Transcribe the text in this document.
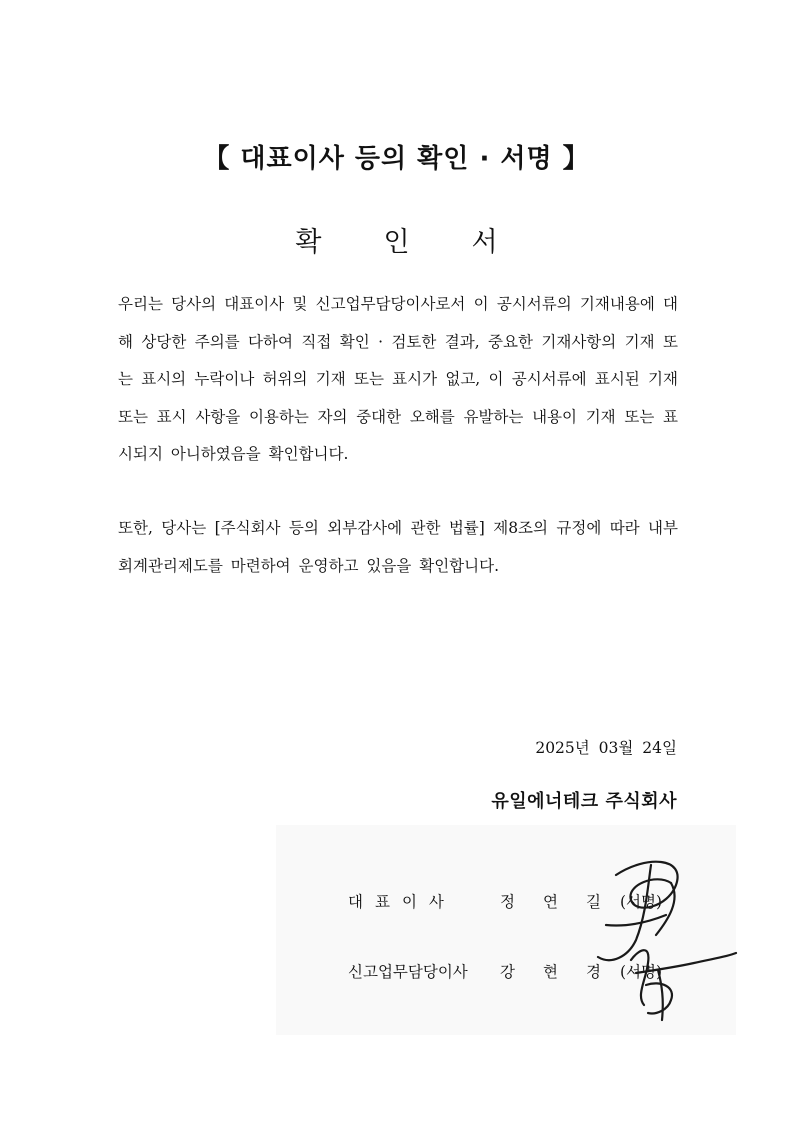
【 대표이사 등의 확인 · 서명 】
확인서
우리는 당사의 대표이사 및 신고업무담당이사로서 이 공시서류의 기재내용에 대해 상당한 주의를 다하여 직접 확인 · 검토한 결과, 중요한 기재사항의 기재 또는 표시의 누락이나 허위의 기재 또는 표시가 없고, 이 공시서류에 표시된 기재 또는 표시 사항을 이용하는 자의 중대한 오해를 유발하는 내용이 기재 또는 표시되지 아니하였음을 확인합니다.
또한, 당사는 [주식회사 등의 외부감사에 관한 법률] 제8조의 규정에 따라 내부회계관리제도를 마련하여 운영하고 있음을 확인합니다.
2025년 03월 24일
유일에너테크 주식회사
대표이사	정연길
(서명)
신고업무담당이사 강현경
(서명)
